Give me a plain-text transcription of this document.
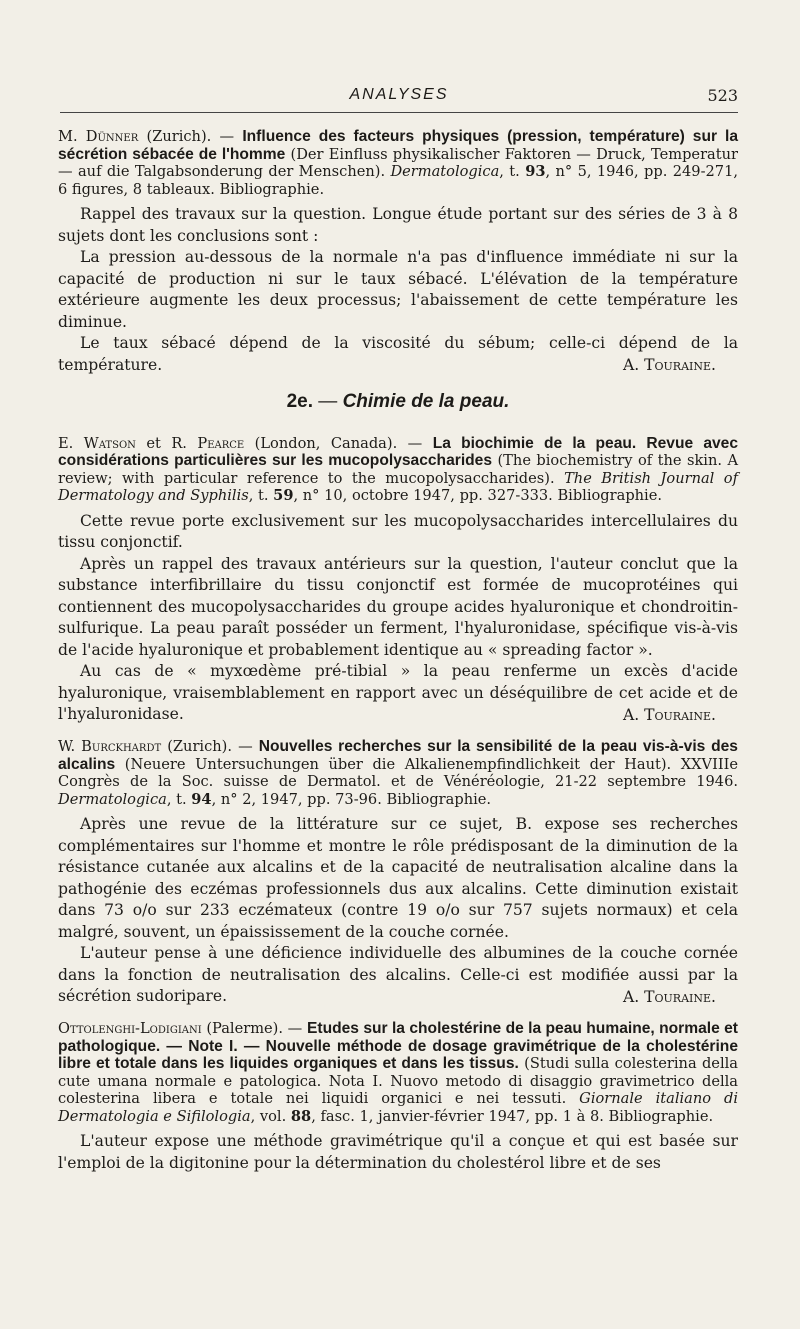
ANALYSES	523

M. Dünner (Zurich). — Influence des facteurs physiques (pression, température) sur la sécrétion sébacée de l'homme (Der Einfluss physikalischer Faktoren — Druck, Temperatur — auf die Talgabsonderung der Menschen). Dermatologica, t. 93, n° 5, 1946, pp. 249-271, 6 figures, 8 tableaux. Bibliographie.

Rappel des travaux sur la question. Longue étude portant sur des séries de 3 à 8 sujets dont les conclusions sont :

La pression au-dessous de la normale n'a pas d'influence immédiate ni sur la capacité de production ni sur le taux sébacé. L'élévation de la température extérieure augmente les deux processus; l'abaissement de cette température les diminue.

Le taux sébacé dépend de la viscosité du sébum; celle-ci dépend de la température.	A. Touraine.
2e. — Chimie de la peau.

E. Watson et R. Pearce (London, Canada). — La biochimie de la peau. Revue avec considérations particulières sur les mucopolysaccharides (The biochemistry of the skin. A review; with particular reference to the mucopolysaccharides). The British Journal of Dermatology and Syphilis, t. 59, n° 10, octobre 1947, pp. 327-333. Bibliographie.

Cette revue porte exclusivement sur les mucopolysaccharides intercellulaires du tissu conjonctif.

Après un rappel des travaux antérieurs sur la question, l'auteur conclut que la substance interfibrillaire du tissu conjonctif est formée de mucoprotéines qui contiennent des mucopolysaccharides du groupe acides hyaluronique et chondroitin-sulfurique. La peau paraît posséder un ferment, l'hyaluronidase, spécifique vis-à-vis de l'acide hyaluronique et probablement identique au « spreading factor ».

Au cas de « myxœdème pré-tibial » la peau renferme un excès d'acide hyaluronique, vraisemblablement en rapport avec un déséquilibre de cet acide et de l'hyaluronidase.	A. Touraine.

W. Burckhardt (Zurich). — Nouvelles recherches sur la sensibilité de la peau vis-à-vis des alcalins (Neuere Untersuchungen über die Alkalienempfindlichkeit der Haut). XXVIIIe Congrès de la Soc. suisse de Dermatol. et de Vénéréologie, 21-22 septembre 1946. Dermatologica, t. 94, n° 2, 1947, pp. 73-96. Bibliographie.

Après une revue de la littérature sur ce sujet, B. expose ses recherches complémentaires sur l'homme et montre le rôle prédisposant de la diminution de la résistance cutanée aux alcalins et de la capacité de neutralisation alcaline dans la pathogénie des eczémas professionnels dus aux alcalins. Cette diminution existait dans 73 o/o sur 233 eczémateux (contre 19 o/o sur 757 sujets normaux) et cela malgré, souvent, un épaississement de la couche cornée.

L'auteur pense à une déficience individuelle des albumines de la couche cornée dans la fonction de neutralisation des alcalins. Celle-ci est modifiée aussi par la sécrétion sudoripare.	A. Touraine.

Ottolenghi-Lodigiani (Palerme). — Etudes sur la cholestérine de la peau humaine, normale et pathologique. — Note I. — Nouvelle méthode de dosage gravimétrique de la cholestérine libre et totale dans les liquides organiques et dans les tissus. (Studi sulla colesterina della cute umana normale e patologica. Nota I. Nuovo metodo di disaggio gravimetrico della colesterina libera e totale nei liquidi organici e nei tessuti. Giornale italiano di Dermatologia e Sifilologia, vol. 88, fasc. 1, janvier-février 1947, pp. 1 à 8. Bibliographie.

L'auteur expose une méthode gravimétrique qu'il a conçue et qui est basée sur l'emploi de la digitonine pour la détermination du cholestérol libre et de ses
